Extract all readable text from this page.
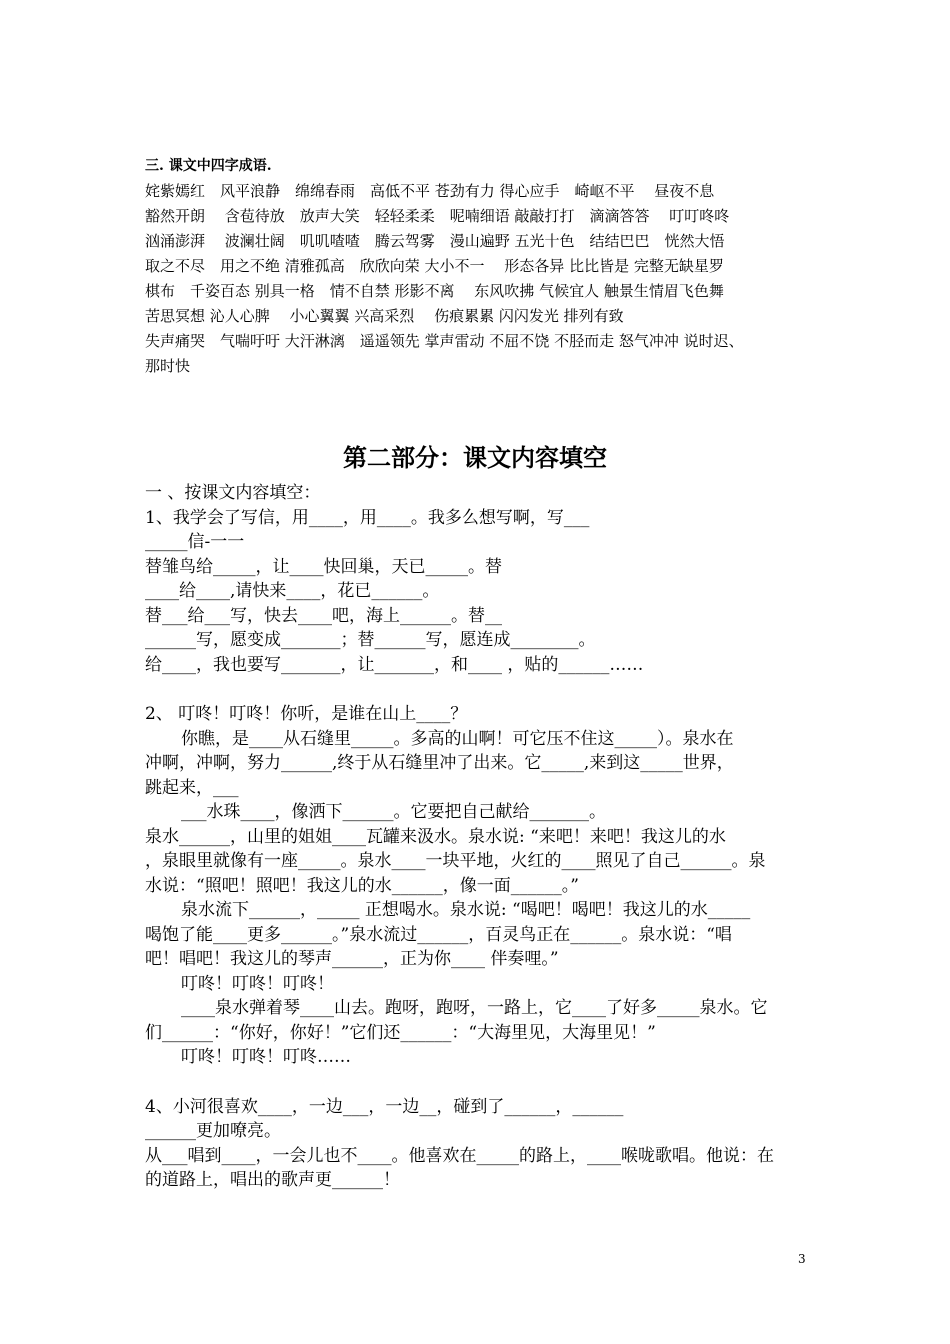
三. 课文中四字成语.
姹紫嫣红　风平浪静　绵绵春雨　高低不平 苍劲有力 得心应手　崎岖不平　 昼夜不息
豁然开朗　 含苞待放　放声大笑　轻轻柔柔　呢喃细语 敲敲打打　滴滴答答　 叮叮咚咚
汹涌澎湃　 波澜壮阔　叽叽喳喳　腾云驾雾　漫山遍野 五光十色　结结巴巴　恍然大悟
取之不尽　用之不绝 清雅孤高　欣欣向荣 大小不一　 形态各异 比比皆是 完整无缺星罗
棋布　千姿百态 别具一格　情不自禁 形影不离　 东风吹拂 气候宜人 触景生情眉飞色舞
苦思冥想 沁人心脾　 小心翼翼 兴高采烈　 伤痕累累 闪闪发光 排列有致
失声痛哭　气喘吁吁 大汗淋漓　遥遥领先 掌声雷动 不屈不饶 不胫而走 怒气冲冲 说时迟、
那时快
第二部分：课文内容填空
一 、按课文内容填空：
1、我学会了写信，用____，用____。我多么想写啊，写___
_____信-一一
替雏鸟给_____，让____快回巢，天已_____。替
____给____,请快来____，花已______。
替___给___写，快去____吧，海上______。替__
______写，愿变成_______；替______写，愿连成________。
给____，我也要写_______，让_______，和____ ，贴的______……
2、 叮咚！叮咚！你听，是谁在山上____？
你瞧，是____从石缝里_____。多高的山啊！可它压不住这_____）。泉水在
冲啊，冲啊，努力______,终于从石缝里冲了出来。它_____,来到这_____世界，
跳起来，___
___水珠____，像洒下______。它要把自己献给_______。
泉水______，山里的姐姐____瓦罐来汲水。泉水说: “来吧！来吧！我这儿的水
，泉眼里就像有一座_____。泉水____一块平地，火红的____照见了自己______。泉
水说：“照吧！照吧！我这儿的水______，像一面______。”
泉水流下______，_____ 正想喝水。泉水说: “喝吧！喝吧！我这儿的水_____
喝饱了能____更多______。”泉水流过______，百灵鸟正在______。泉水说：“唱
吧！唱吧！我这儿的琴声______，正为你____ 伴奏哩。”
叮咚！叮咚！叮咚！
____泉水弹着琴____山去。跑呀，跑呀，一路上，它____了好多_____泉水。它
们______：“你好，你好！”它们还______：“大海里见，大海里见！”
叮咚！叮咚！叮咚……
4、小河很喜欢____，一边___，一边__，碰到了______，______
______更加嘹亮。
从___唱到____，一会儿也不____。他喜欢在_____的路上，____喉咙歌唱。他说：在
的道路上，唱出的歌声更______！
3
